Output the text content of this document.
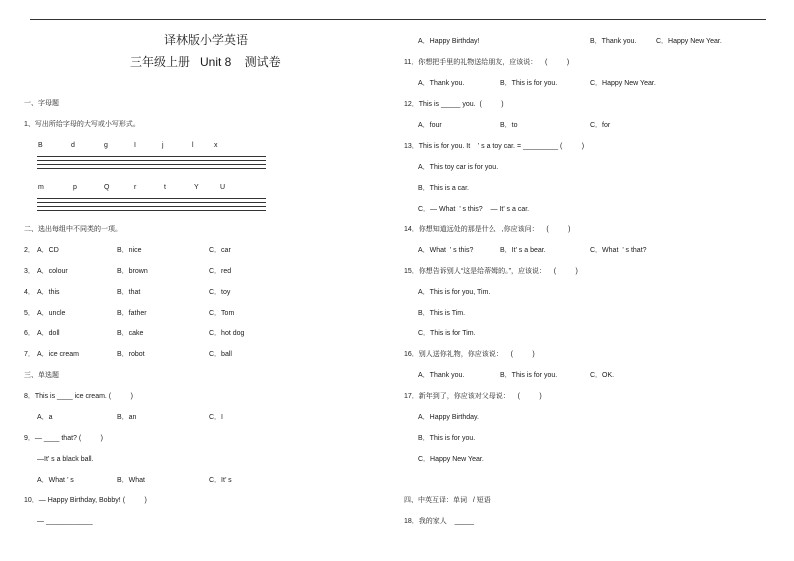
译林版小学英语
三年级上册   Unit 8    测试卷
一、字母题
1、写出所给字母的大写或小写形式。
B	d	g	I	j	l	x
m	p	Q	r	t	Y	U
二、选出每组中不同类的一项。
2． A．CD	B．nice	C．car
3． A．colour	B．brown	C．red
4． A．this	B．that	C．toy
5． A．uncle	B．father	C．Tom
6． A．doll	B．cake	C．hot dog
7． A．ice cream	B．robot	C．ball
三、单选题
8．This is ____ ice cream. (          )
A．a	B．an	C．I
9．— ____ that? (          )
—It’ s a black ball.
A．What ’ s	B．What	C．It’ s
10．— Happy Birthday, Bobby! (          )
— ____________
A．Happy Birthday!	B．Thank you.	C．Happy New Year.
11．你想把手里的礼物送给朋友，应该说：    (          )
A．Thank you.	B．This is for you.	C．Happy New Year.
12．This is _____ you.  (          )
A．four	B．to	C．for
13．This is for you. It    ’ s a toy car. = _________ (          )
A．This toy car is for you.
B．This is a car.
C．— What  ’ s this?    — It’ s a car.
14．你想知道远处的那是什么   ,你应该问：    (          )
A．What  ’ s this?	B．It’ s a bear.	C．What  ’ s that?
15．你想告诉别人“这是给蒂姆的。”，应该说：    (          )
A．This is for you, Tim.
B．This is Tim.
C．This is for Tim.
16．别人送你礼物，你应该说：    (          )
A．Thank you.	B．This is for you.	C．OK.
17．新年到了，你应该对父母说：    (          )
A．Happy Birthday.
B．This is for you.
C．Happy New Year.
四、中英互译：单词   / 短语
18．我的家人    _____
